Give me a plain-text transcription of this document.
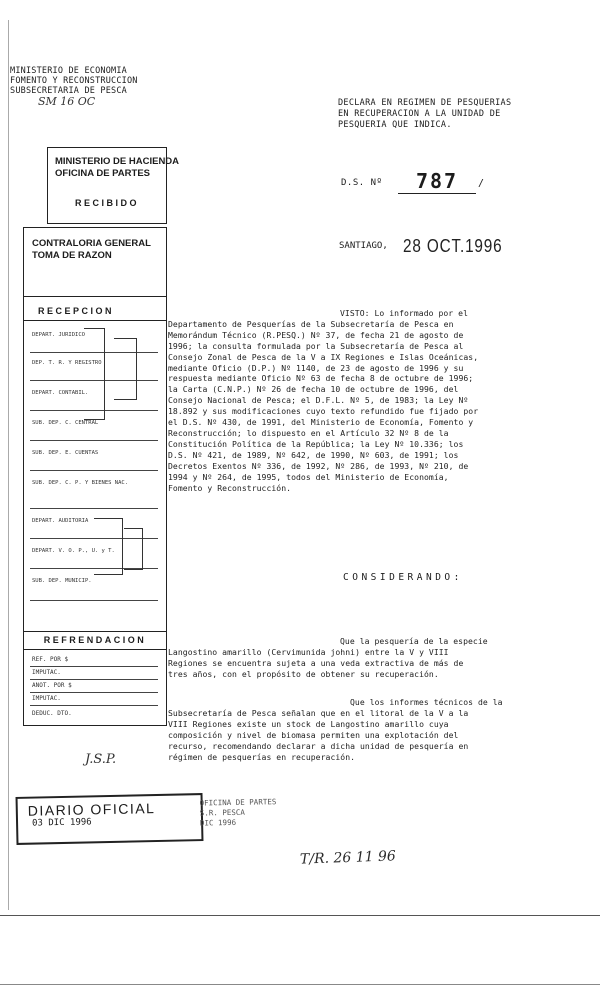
MINISTERIO DE ECONOMIA
FOMENTO Y RECONSTRUCCION
SUBSECRETARIA DE PESCA
SM 16 OC	DECLARA EN REGIMEN DE PESQUERIAS
EN RECUPERACION A LA UNIDAD DE
PESQUERIA QUE INDICA.
MINISTERIO DE HACIENDA
OFICINA DE PARTES
RECIBIDO
D.S. Nº	787	/
SANTIAGO, 28 OCT.1996
CONTRALORIA GENERAL
TOMA DE RAZON
RECEPCION
DEPART. JURIDICO
DEP. T. R. Y REGISTRO
DEPART. CONTABIL.
SUB. DEP. C. CENTRAL
SUB. DEP. E. CUENTAS
SUB. DEP. C. P. Y BIENES NAC.
DEPART. AUDITORIA
DEPART. V. O. P., U. y T.
SUB. DEP. MUNICIP.
REFRENDACION
REF. POR $
IMPUTAC.
ANOT. POR $
IMPUTAC.
DEDUC. DTO.
VISTO: Lo informado por el
Departamento de Pesquerías de la Subsecretaría de Pesca en
Memorándum Técnico (R.PESQ.) Nº 37, de fecha 21 de agosto de
1996; la consulta formulada por la Subsecretaría de Pesca al
Consejo Zonal de Pesca de la V a IX Regiones e Islas Oceánicas,
mediante Oficio (D.P.) Nº 1140, de 23 de agosto de 1996 y su
respuesta mediante Oficio Nº 63 de fecha 8 de octubre de 1996;
la Carta (C.N.P.) Nº 26 de fecha 10 de octubre de 1996, del
Consejo Nacional de Pesca; el D.F.L. Nº 5, de 1983; la Ley Nº
18.892 y sus modificaciones cuyo texto refundido fue fijado por
el D.S. Nº 430, de 1991, del Ministerio de Economía, Fomento y
Reconstrucción; lo dispuesto en el Artículo 32 Nº 8 de la
Constitución Política de la República; la Ley Nº 10.336; los
D.S. Nº 421, de 1989, Nº 642, de 1990, Nº 603, de 1991; los
Decretos Exentos Nº 336, de 1992, Nº 286, de 1993, Nº 210, de
1994 y Nº 264, de 1995, todos del Ministerio de Economía,
Fomento y Reconstrucción.
CONSIDERANDO:
Que la pesquería de la especie
Langostino amarillo (Cervimunida johni) entre la V y VIII
Regiones se encuentra sujeta a una veda extractiva de más de
tres años, con el propósito de obtener su recuperación.
Que los informes técnicos de la
Subsecretaría de Pesca señalan que en el litoral de la V a la
VIII Regiones existe un stock de Langostino amarillo cuya
composición y nivel de biomasa permiten una explotación del
recurso, recomendando declarar a dicha unidad de pesquería en
régimen de pesquerías en recuperación.
J.S.P.
DIARIO OFICIAL
03 DIC 1996
OFICINA DE PARTES
S.R. PESCA
DIC 1996
T/R. 26 11 96
